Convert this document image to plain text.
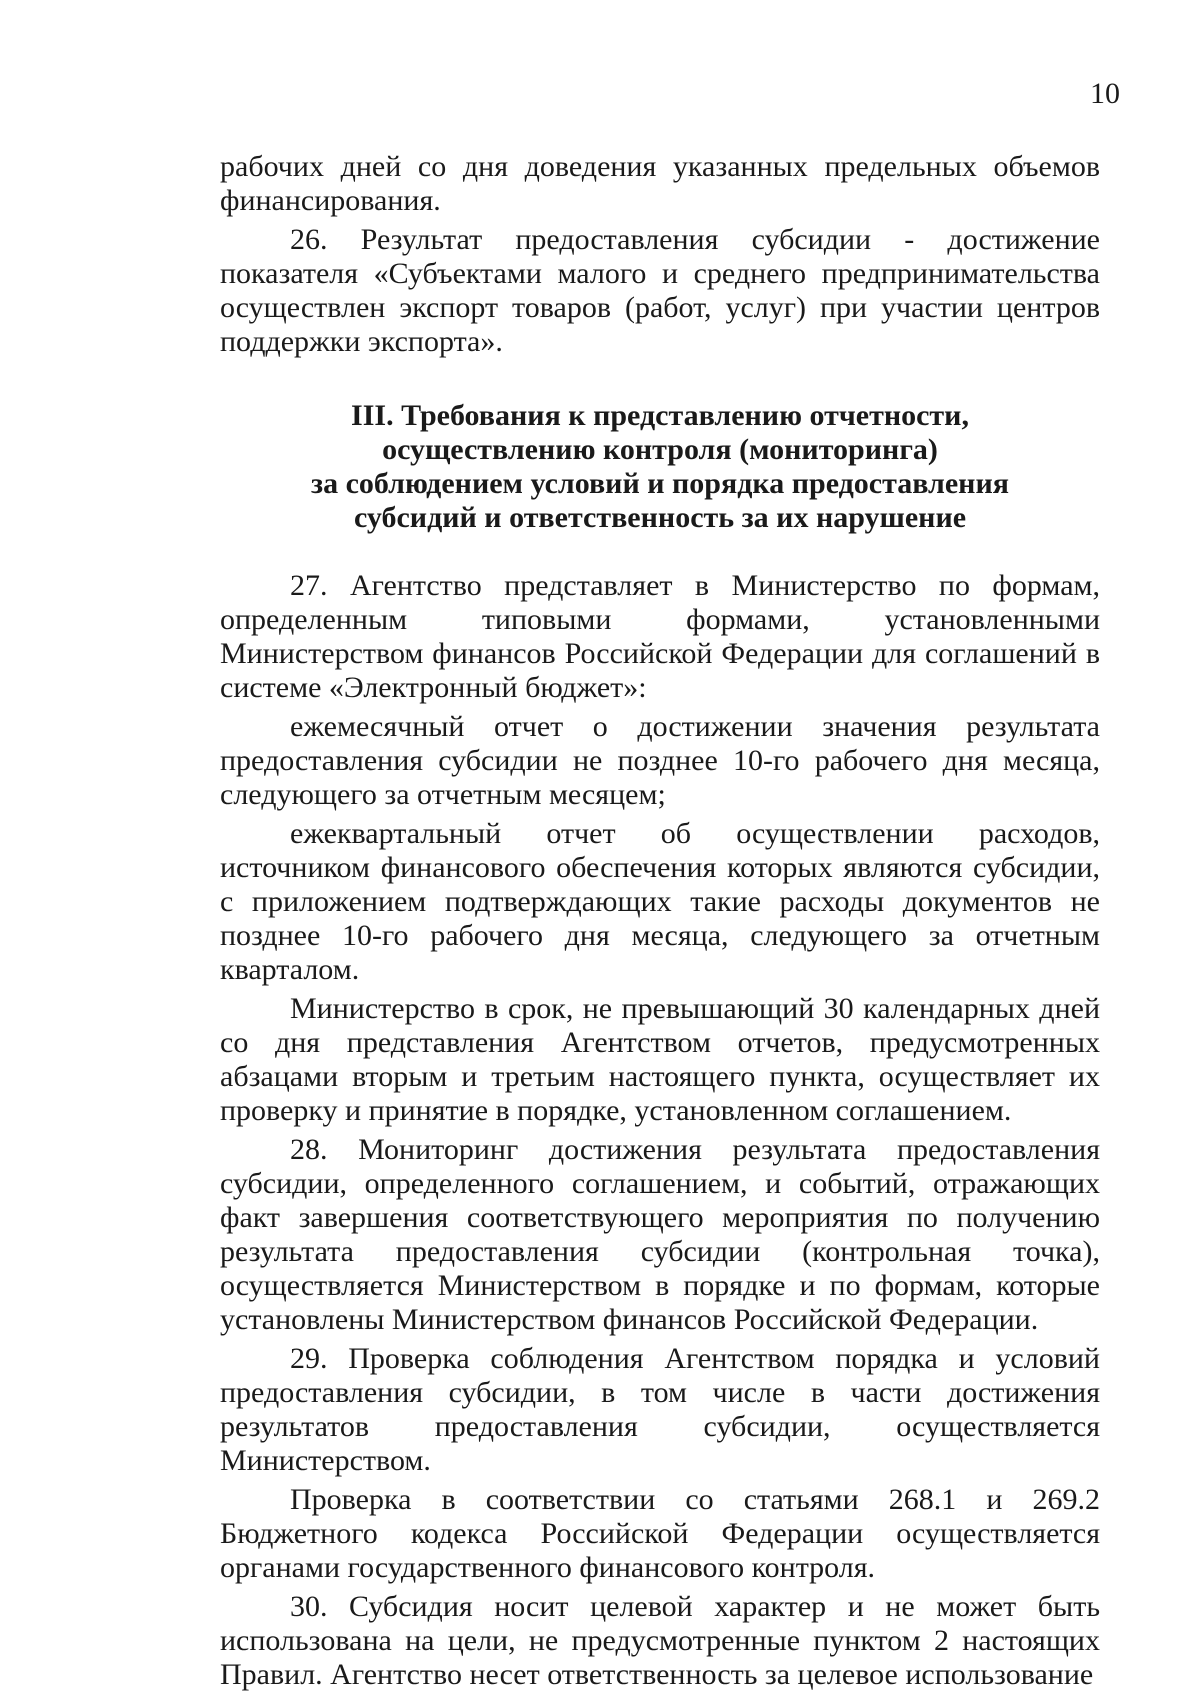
10

рабочих дней со дня доведения указанных предельных объемов финансирования.

26. Результат предоставления субсидии - достижение показателя «Субъектами малого и среднего предпринимательства осуществлен экспорт товаров (работ, услуг) при участии центров поддержки экспорта».

III. Требования к представлению отчетности,
осуществлению контроля (мониторинга)
за соблюдением условий и порядка предоставления
субсидий и ответственность за их нарушение

27. Агентство представляет в Министерство по формам, определенным типовыми формами, установленными Министерством финансов Российской Федерации для соглашений в системе «Электронный бюджет»:

ежемесячный отчет о достижении значения результата предоставления субсидии не позднее 10-го рабочего дня месяца, следующего за отчетным месяцем;

ежеквартальный отчет об осуществлении расходов, источником финансового обеспечения которых являются субсидии, с приложением подтверждающих такие расходы документов не позднее 10-го рабочего дня месяца, следующего за отчетным кварталом.

Министерство в срок, не превышающий 30 календарных дней со дня представления Агентством отчетов, предусмотренных абзацами вторым и третьим настоящего пункта, осуществляет их проверку и принятие в порядке, установленном соглашением.

28. Мониторинг достижения результата предоставления субсидии, определенного соглашением, и событий, отражающих факт завершения соответствующего мероприятия по получению результата предоставления субсидии (контрольная точка), осуществляется Министерством в порядке и по формам, которые установлены Министерством финансов Российской Федерации.

29. Проверка соблюдения Агентством порядка и условий предоставления субсидии, в том числе в части достижения результатов предоставления субсидии, осуществляется Министерством.

Проверка в соответствии со статьями 268.1 и 269.2 Бюджетного кодекса Российской Федерации осуществляется органами государственного финансового контроля.

30. Субсидия носит целевой характер и не может быть использована на цели, не предусмотренные пунктом 2 настоящих Правил. Агентство несет ответственность за целевое использование
